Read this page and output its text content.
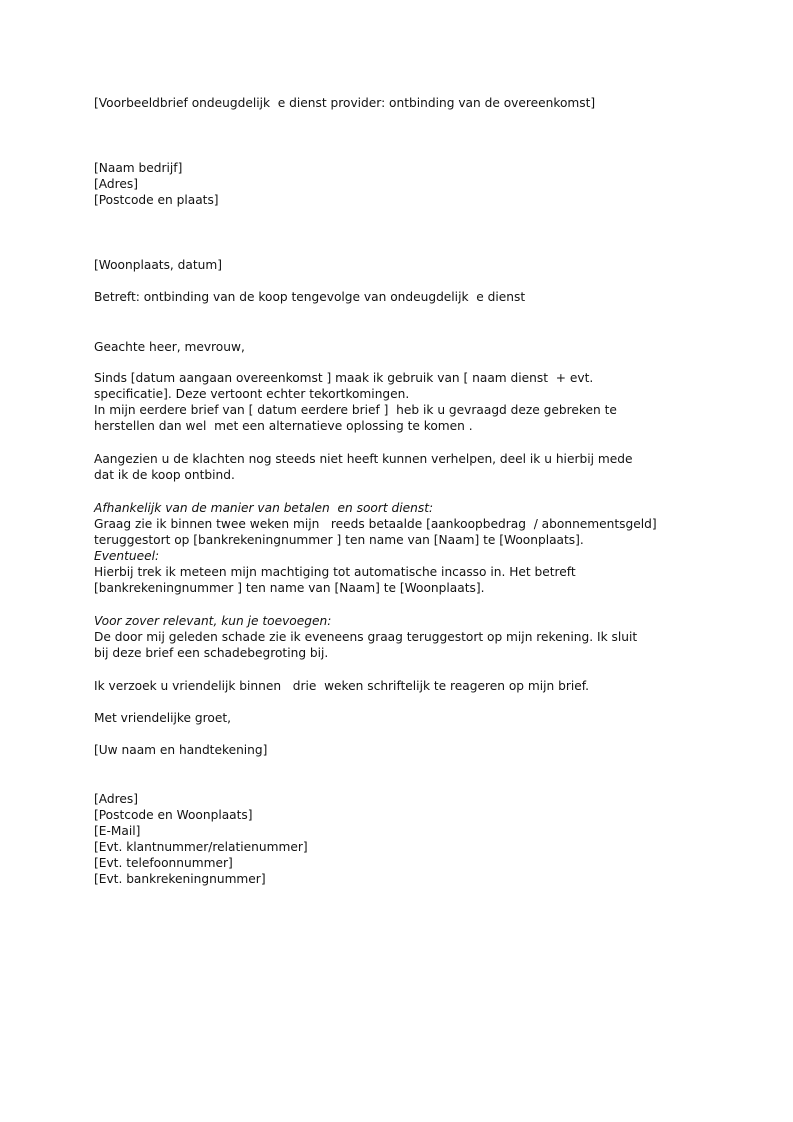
[Voorbeeldbrief ondeugdelijk  e dienst provider: ontbinding van de overeenkomst]
[Naam bedrijf]
[Adres]
[Postcode en plaats]
[Woonplaats, datum]
Betreft: ontbinding van de koop tengevolge van ondeugdelijk  e dienst
Geachte heer, mevrouw,
Sinds [datum aangaan overeenkomst ] maak ik gebruik van [ naam dienst  + evt.
specificatie]. Deze vertoont echter tekortkomingen.
In mijn eerdere brief van [ datum eerdere brief ]  heb ik u gevraagd deze gebreken te
herstellen dan wel  met een alternatieve oplossing te komen .
Aangezien u de klachten nog steeds niet heeft kunnen verhelpen, deel ik u hierbij mede
dat ik de koop ontbind.
Afhankelijk van de manier van betalen  en soort dienst:
Graag zie ik binnen twee weken mijn   reeds betaalde [aankoopbedrag  / abonnementsgeld]
teruggestort op [bankrekeningnummer ] ten name van [Naam] te [Woonplaats].
Eventueel:
Hierbij trek ik meteen mijn machtiging tot automatische incasso in. Het betreft
[bankrekeningnummer ] ten name van [Naam] te [Woonplaats].
Voor zover relevant, kun je toevoegen:
De door mij geleden schade zie ik eveneens graag teruggestort op mijn rekening. Ik sluit
bij deze brief een schadebegroting bij.
Ik verzoek u vriendelijk binnen   drie  weken schriftelijk te reageren op mijn brief.
Met vriendelijke groet,
[Uw naam en handtekening]
[Adres]
[Postcode en Woonplaats]
[E-Mail]
[Evt. klantnummer/relatienummer]
[Evt. telefoonnummer]
[Evt. bankrekeningnummer]
